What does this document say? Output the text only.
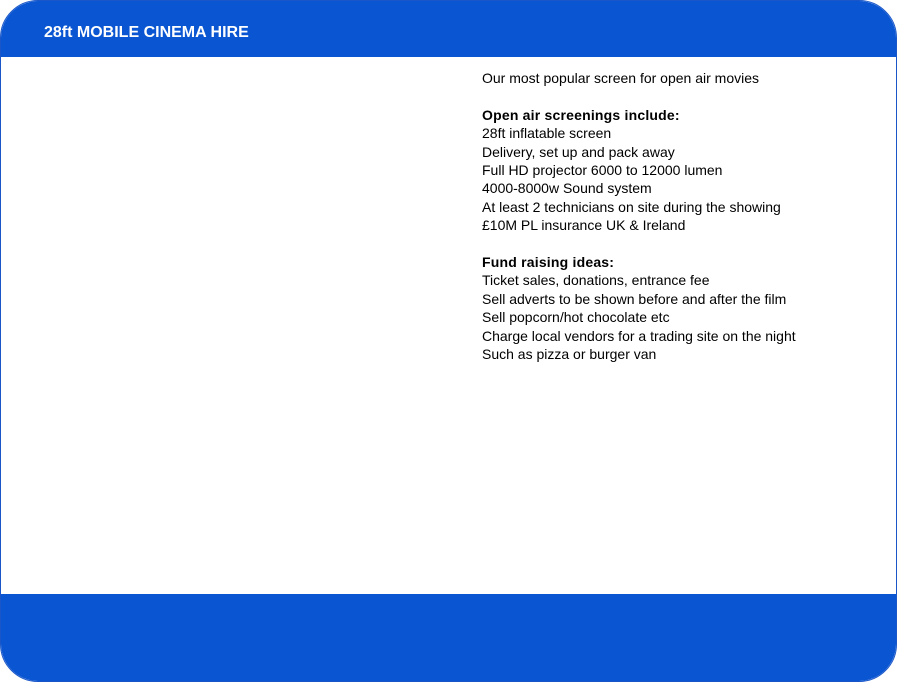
28ft MOBILE CINEMA HIRE

Our most popular screen for open air movies

Open air screenings include:

28ft inflatable screen
Delivery, set up and pack away
Full HD projector 6000 to 12000 lumen
4000-8000w Sound system
At least 2 technicians on site during the showing
£10M PL insurance UK & Ireland

Fund raising ideas:

Ticket sales, donations, entrance fee
Sell adverts to be shown before and after the film
Sell popcorn/hot chocolate etc
Charge local vendors for a trading site on the night
Such as pizza or burger van
